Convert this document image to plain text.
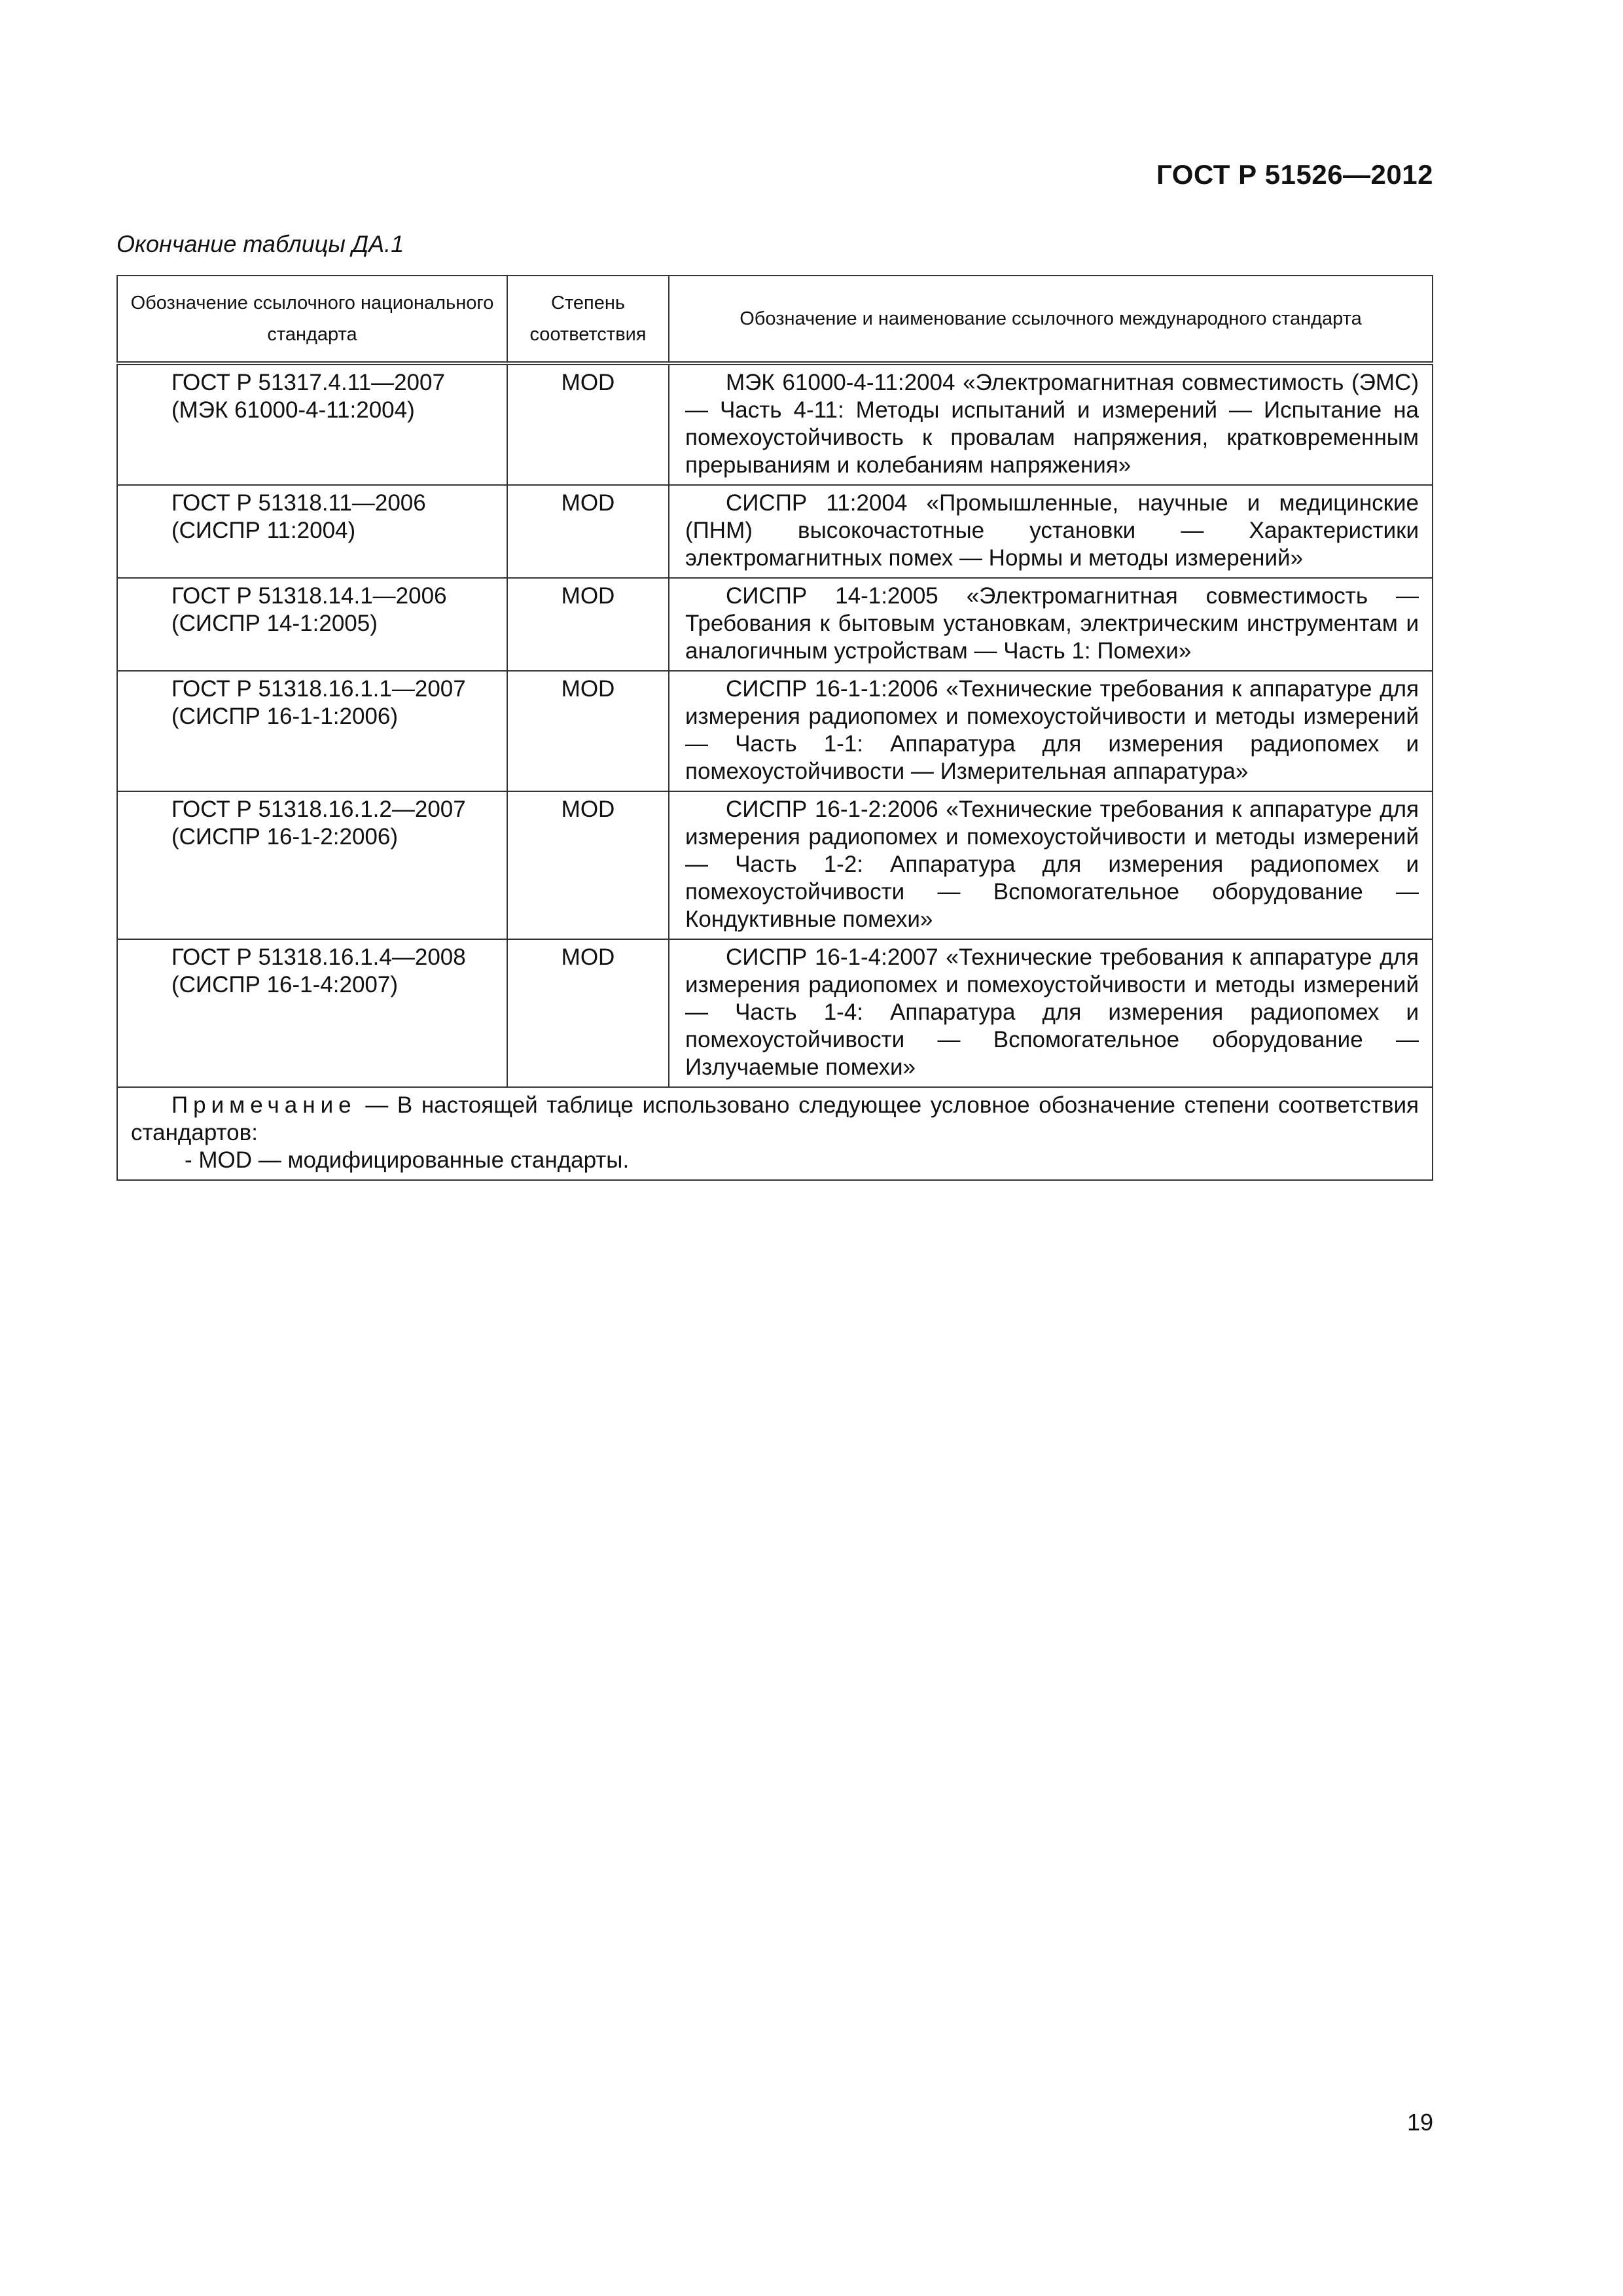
ГОСТ Р 51526—2012
Окончание таблицы ДА.1
Обозначение ссылочного национального стандарта	Степень соответствия	Обозначение и наименование ссылочного международного стандарта

ГОСТ Р 51317.4.11—2007
(МЭК 61000-4-11:2004)	MOD	МЭК 61000-4-11:2004 «Электромагнитная совместимость (ЭМС) — Часть 4-11: Методы испытаний и измерений — Испытание на помехоустойчивость к провалам напряжения, кратковременным прерываниям и колебаниям напряжения»

ГОСТ Р 51318.11—2006
(СИСПР 11:2004)	MOD	СИСПР 11:2004 «Промышленные, научные и медицинские (ПНМ) высокочастотные установки — Характеристики электромагнитных помех — Нормы и методы измерений»

ГОСТ Р 51318.14.1—2006
(СИСПР 14-1:2005)	MOD	СИСПР 14-1:2005 «Электромагнитная совместимость — Требования к бытовым установкам, электрическим инструментам и аналогичным устройствам — Часть 1: Помехи»

ГОСТ Р 51318.16.1.1—2007
(СИСПР 16-1-1:2006)	MOD	СИСПР 16-1-1:2006 «Технические требования к аппаратуре для измерения радиопомех и помехоустойчивости и методы измерений — Часть 1-1: Аппаратура для измерения радиопомех и помехоустойчивости — Измерительная аппаратура»

ГОСТ Р 51318.16.1.2—2007
(СИСПР 16-1-2:2006)	MOD	СИСПР 16-1-2:2006 «Технические требования к аппаратуре для измерения радиопомех и помехоустойчивости и методы измерений — Часть 1-2: Аппаратура для измерения радиопомех и помехоустойчивости — Вспомогательное оборудование — Кондуктивные помехи»

ГОСТ Р 51318.16.1.4—2008
(СИСПР 16-1-4:2007)	MOD	СИСПР 16-1-4:2007 «Технические требования к аппаратуре для измерения радиопомех и помехоустойчивости и методы измерений — Часть 1-4: Аппаратура для измерения радиопомех и помехоустойчивости — Вспомогательное оборудование — Излучаемые помехи»

Примечание — В настоящей таблице использовано следующее условное обозначение степени соответствия стандартов:
- MOD — модифицированные стандарты.		
19
